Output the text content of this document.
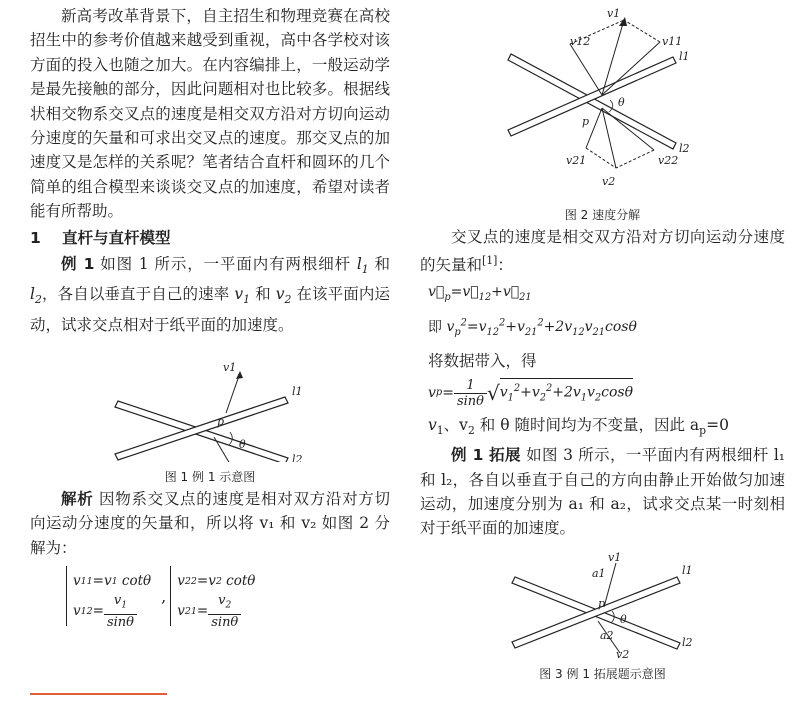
新高考改革背景下，自主招生和物理竞赛在高校招生中的参考价值越来越受到重视，高中各学校对该方面的投入也随之加大。在内容编排上，一般运动学是最先接触的部分，因此问题相对也比较多。根据线状相交物系交叉点的速度是相交双方沿对方切向运动分速度的矢量和可求出交叉点的速度。那交叉点的加速度又是怎样的关系呢？笔者结合直杆和圆环的几个简单的组合模型来谈谈交叉点的加速度，希望对读者能有所帮助。

1 直杆与直杆模型

例 1 如图 1 所示，一平面内有两根细杆 $l_1$ 和 $l_2$，各自以垂直于自己的速率 $v_1$ 和 $v_2$ 在该平面内运动，试求交点相对于纸平面的加速度。

v1
l1
p
θ
l2
图 1 例 1 示意图

解析 因物系交叉点的速度是相对双方沿对方切向运动分速度的矢量和，所以将 v₁ 和 v₂ 如图 2 分解为：

v 11 =v 1 cotθ
v $12 = \frac{v_1}{\sin\theta}$ ,
v 22 =v 2 cotθ
v $21 = \frac{v_2}{\sin\theta}$
v1
v12	v11
l1
θ
p
l2
v21	v22
v2
图 2 速度分解

交叉点的速度是相交双方沿对方切向运动分速度的矢量和[1]：

$v⃗_p=v⃗_{12}+v⃗_{21}$
即 $v_p^2=v_{12}^2+v_{21}^2+2v_{12}v_{21}\cos\theta$

将数据带入，得

v $p = \frac{1}{\sin\theta}$ √ $v_1^2+v_2^2+2v_1v_2\cos\theta$

$v_1$、$v_2$ 和 θ 随时间均为不变量，因此 $a_p=0$

例 1 拓展 如图 3 所示，一平面内有两根细杆 l₁ 和 l₂，各自以垂直于自己的方向由静止开始做匀加速运动，加速度分别为 a₁ 和 a₂，试求交点某一时刻相对于纸平面的加速度。

v1
a1	l1
p
θ
a2
l2
v2
图 3 例 1 拓展题示意图
